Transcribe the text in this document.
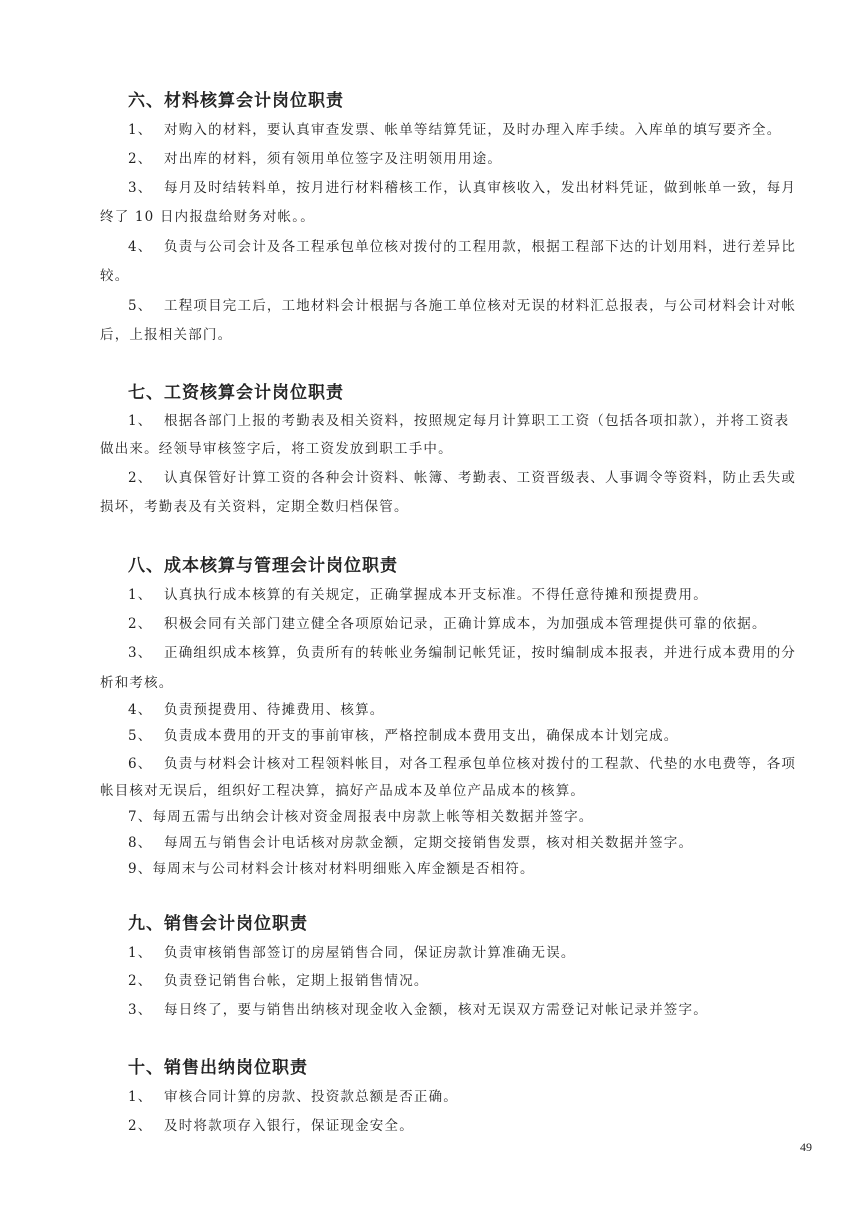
六、材料核算会计岗位职责
1、 对购入的材料，要认真审查发票、帐单等结算凭证，及时办理入库手续。入库单的填写要齐全。
2、 对出库的材料，须有领用单位签字及注明领用用途。
3、 每月及时结转料单，按月进行材料稽核工作，认真审核收入，发出材料凭证，做到帐单一致，每月
终了 10 日内报盘给财务对帐。。
4、 负责与公司会计及各工程承包单位核对拨付的工程用款，根据工程部下达的计划用料，进行差异比
较。
5、 工程项目完工后，工地材料会计根据与各施工单位核对无误的材料汇总报表，与公司材料会计对帐
后，上报相关部门。
七、工资核算会计岗位职责
1、 根据各部门上报的考勤表及相关资料，按照规定每月计算职工工资（包括各项扣款），并将工资表
做出来。经领导审核签字后，将工资发放到职工手中。
2、 认真保管好计算工资的各种会计资料、帐簿、考勤表、工资晋级表、人事调令等资料，防止丢失或
损坏，考勤表及有关资料，定期全数归档保管。
八、成本核算与管理会计岗位职责
1、 认真执行成本核算的有关规定，正确掌握成本开支标准。不得任意待摊和预提费用。
2、 积极会同有关部门建立健全各项原始记录，正确计算成本，为加强成本管理提供可靠的依据。
3、 正确组织成本核算，负责所有的转帐业务编制记帐凭证，按时编制成本报表，并进行成本费用的分
析和考核。
4、 负责预提费用、待摊费用、核算。
5、 负责成本费用的开支的事前审核，严格控制成本费用支出，确保成本计划完成。
6、 负责与材料会计核对工程领料帐目，对各工程承包单位核对拨付的工程款、代垫的水电费等，各项
帐目核对无误后，组织好工程决算，搞好产品成本及单位产品成本的核算。
7、每周五需与出纳会计核对资金周报表中房款上帐等相关数据并签字。
8、 每周五与销售会计电话核对房款金额，定期交接销售发票，核对相关数据并签字。
9、每周末与公司材料会计核对材料明细账入库金额是否相符。
九、销售会计岗位职责
1、 负责审核销售部签订的房屋销售合同，保证房款计算准确无误。
2、 负责登记销售台帐，定期上报销售情况。
3、 每日终了，要与销售出纳核对现金收入金额，核对无误双方需登记对帐记录并签字。
十、销售出纳岗位职责
1、 审核合同计算的房款、投资款总额是否正确。
2、 及时将款项存入银行，保证现金安全。
49
